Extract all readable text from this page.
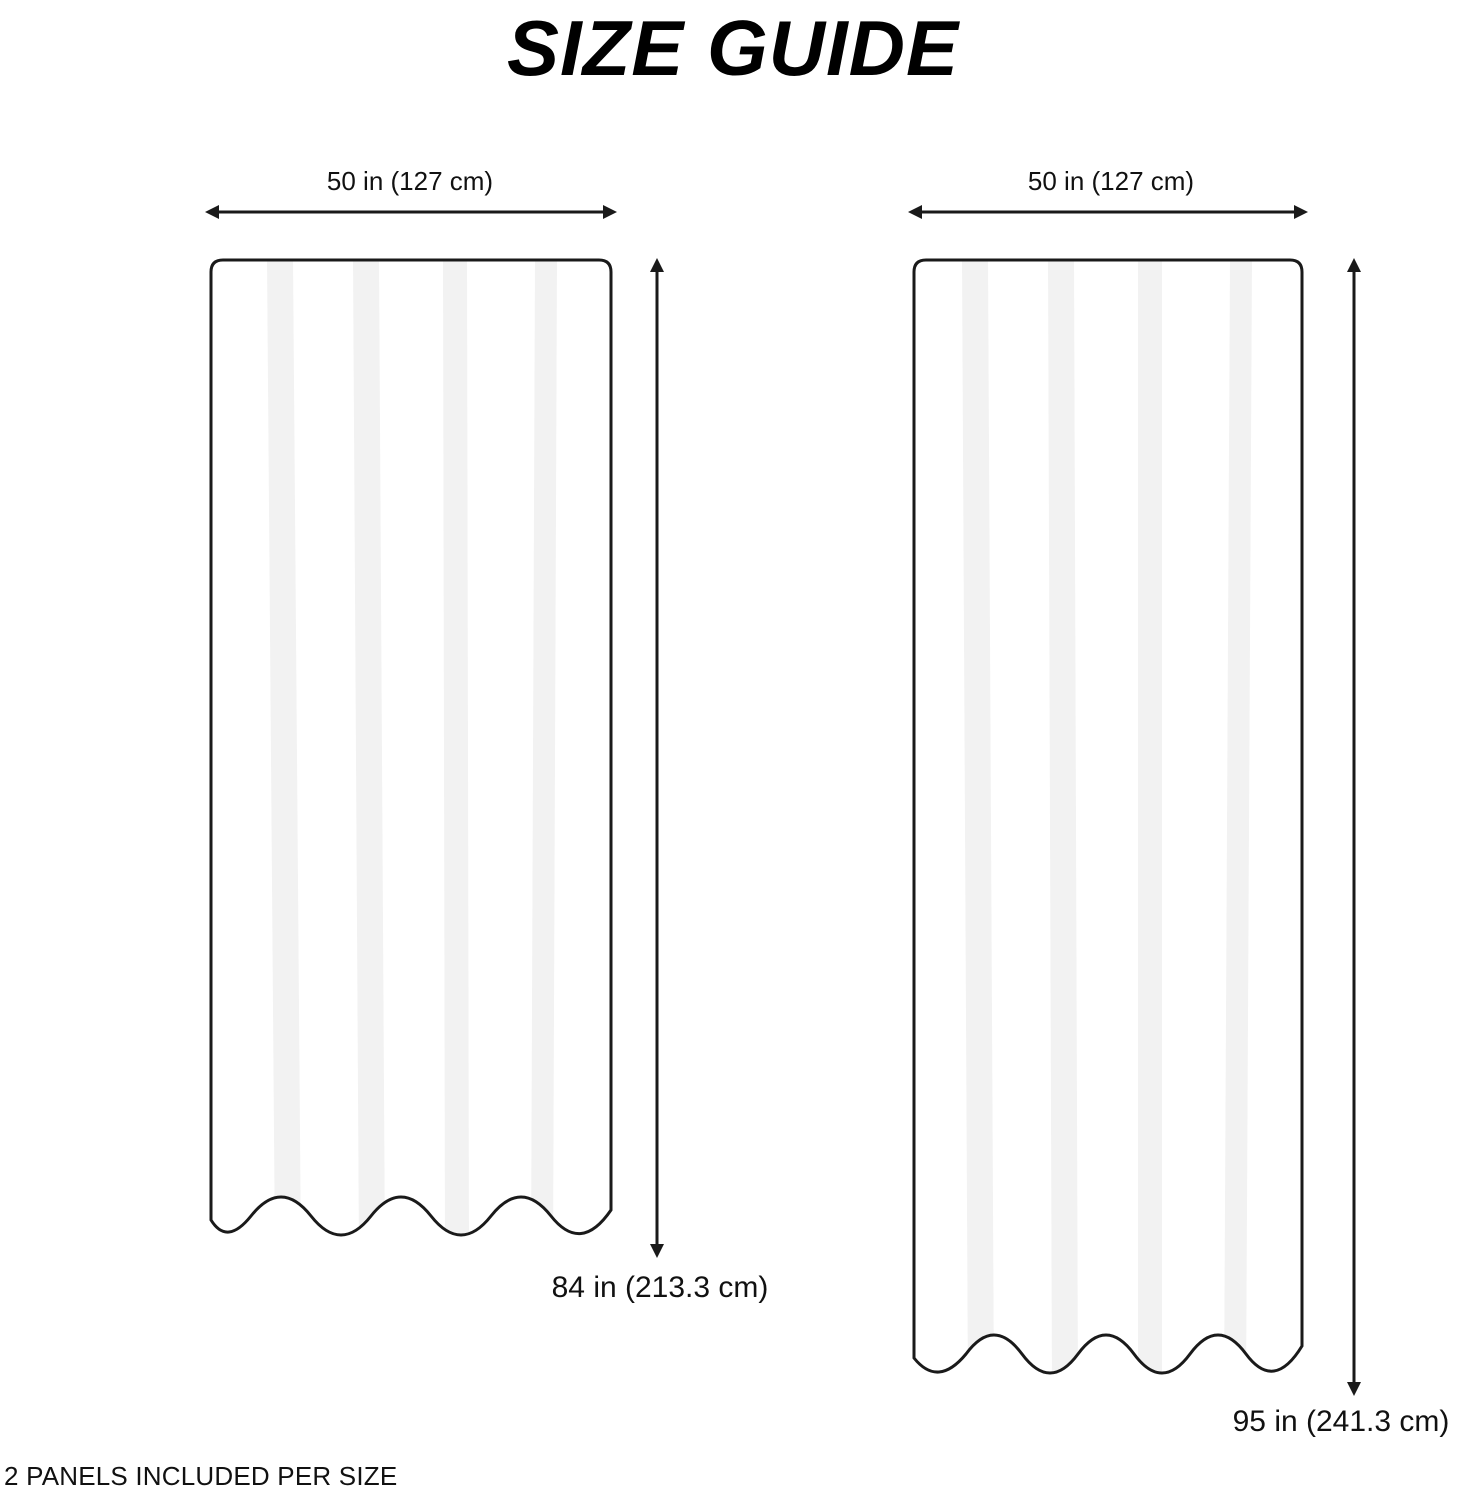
SIZE GUIDE
50 in (127 cm)
84 in (213.3 cm)
50 in (127 cm)
95 in (241.3 cm)
2 PANELS INCLUDED PER SIZE
